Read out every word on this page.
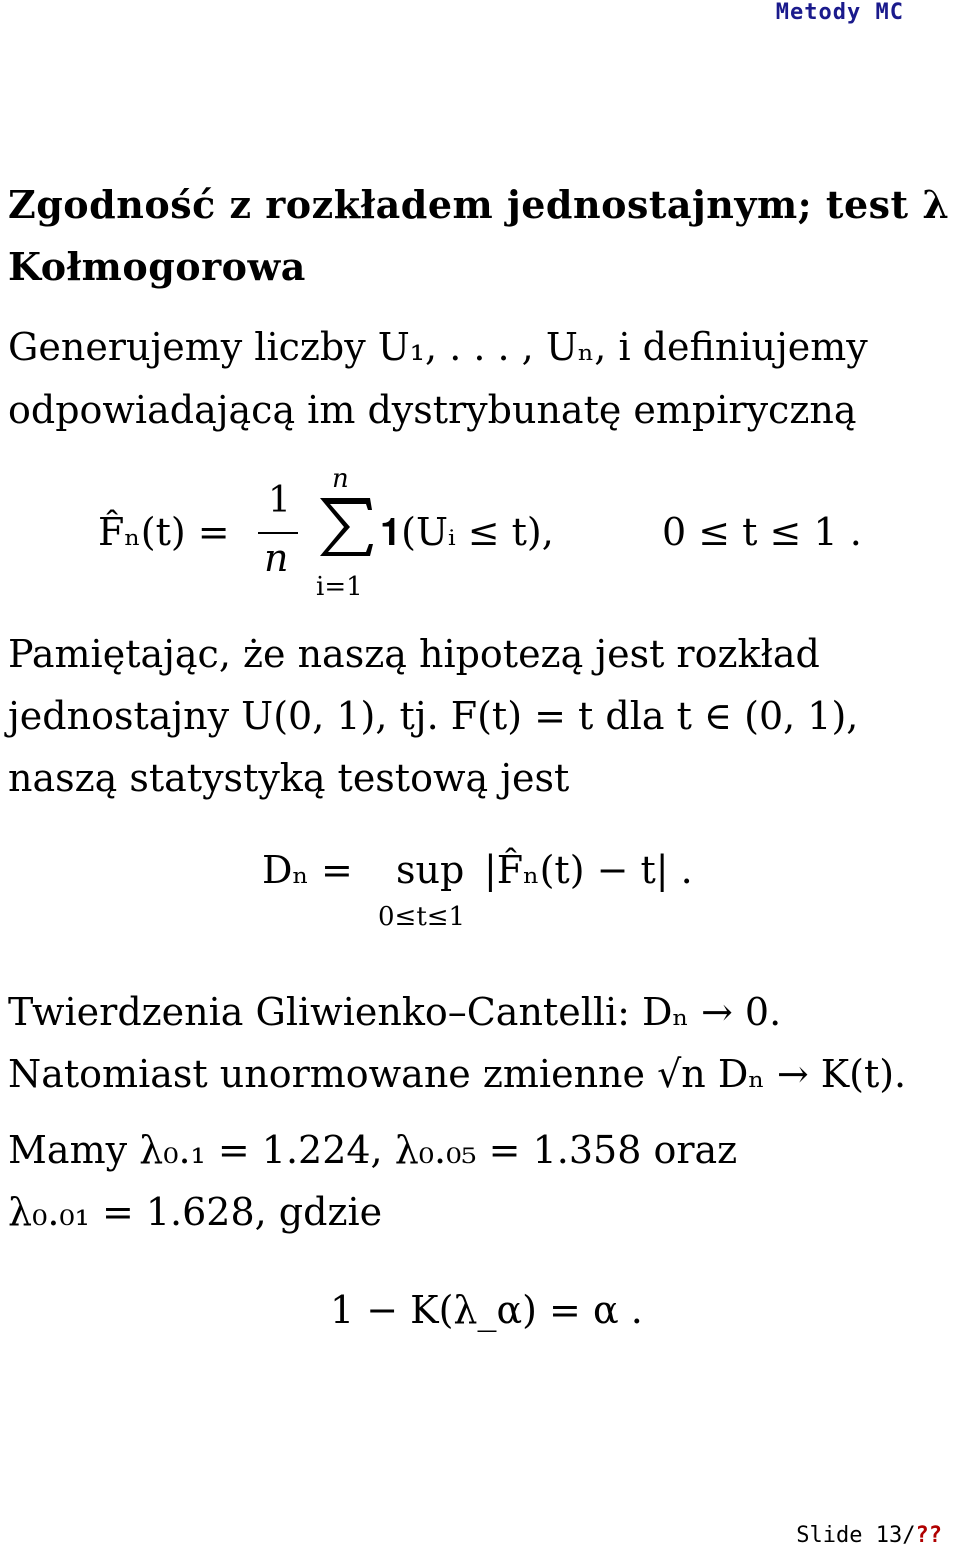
Metody MC
Zgodność z rozkładem jednostajnym; test λ
Kołmogorowa
Generujemy liczby U₁, . . . , Uₙ, i definiujemy
odpowiadającą im dystrybunatę empiryczną
F̂ₙ(t) =
1
n
n
i=1
𝟏(Uᵢ ≤ t),	0 ≤ t ≤ 1 .
Pamiętając, że naszą hipotezą jest rozkład
jednostajny U(0, 1), tj. F(t) = t dla t ∈ (0, 1),
naszą statystyką testową jest
Dₙ = sup
0≤t≤1
|F̂ₙ(t) − t| .
Twierdzenia Gliwienko–Cantelli: Dₙ → 0.
Natomiast unormowane zmienne √n Dₙ → K(t).
Mamy λ₀.₁ = 1.224, λ₀.₀₅ = 1.358 oraz
λ₀.₀₁ = 1.628, gdzie
1 − K(λ_α) = α .
Slide 13/??
